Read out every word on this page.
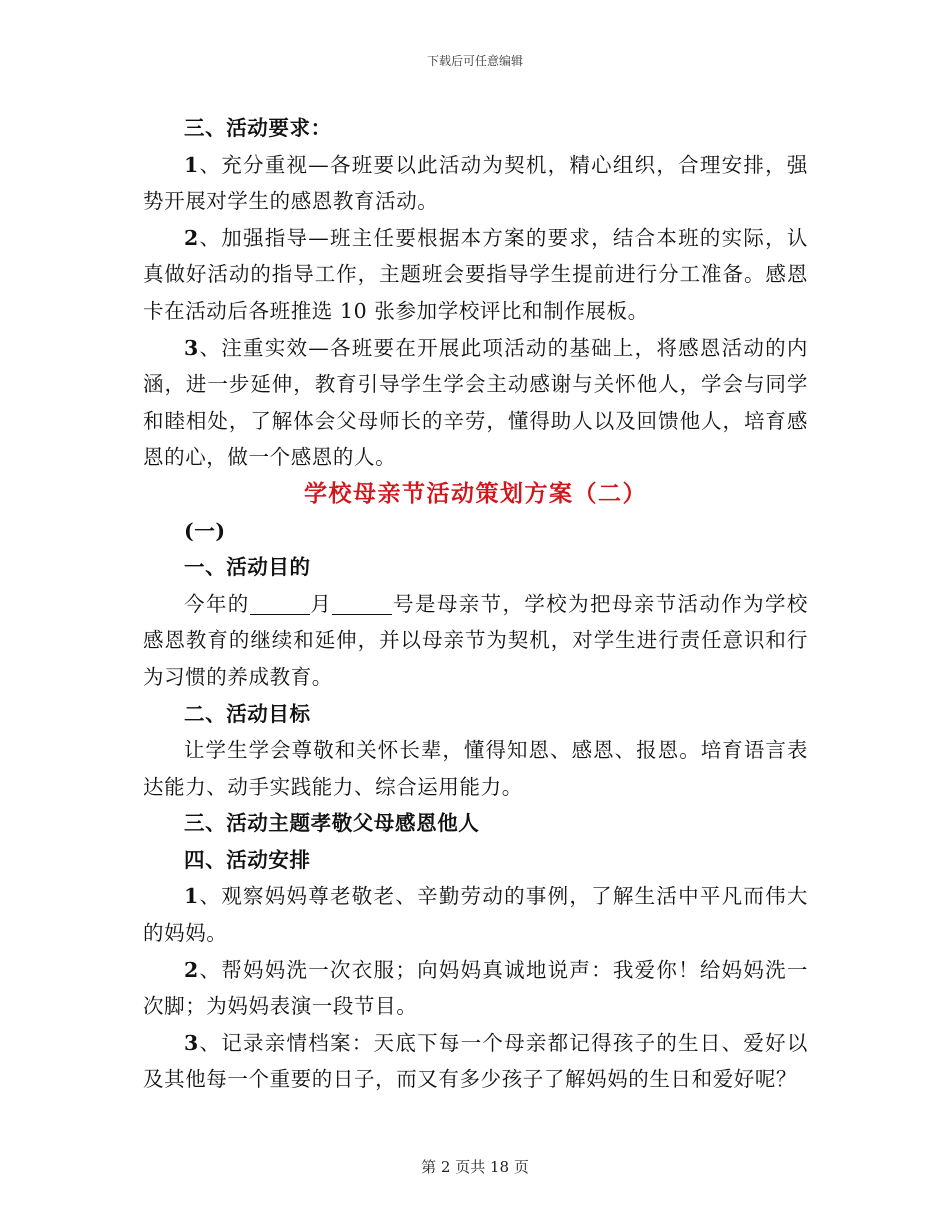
下载后可任意编辑

三、活动要求：

1、充分重视—各班要以此活动为契机，精心组织，合理安排，强势开展对学生的感恩教育活动。

2、加强指导—班主任要根据本方案的要求，结合本班的实际，认真做好活动的指导工作，主题班会要指导学生提前进行分工准备。感恩卡在活动后各班推选 10 张参加学校评比和制作展板。

3、注重实效—各班要在开展此项活动的基础上，将感恩活动的内涵，进一步延伸，教育引导学生学会主动感谢与关怀他人，学会与同学和睦相处，了解体会父母师长的辛劳，懂得助人以及回馈他人，培育感恩的心，做一个感恩的人。

学校母亲节活动策划方案（二）

(一)

一、活动目的

今年的	月	号是母亲节，学校为把母亲节活动作为学校感恩教育的继续和延伸，并以母亲节为契机，对学生进行责任意识和行为习惯的养成教育。

二、活动目标

让学生学会尊敬和关怀长辈，懂得知恩、感恩、报恩。培育语言表达能力、动手实践能力、综合运用能力。

三、活动主题孝敬父母感恩他人

四、活动安排

1、观察妈妈尊老敬老、辛勤劳动的事例，了解生活中平凡而伟大的妈妈。

2、帮妈妈洗一次衣服；向妈妈真诚地说声：我爱你！给妈妈洗一次脚；为妈妈表演一段节目。

3、记录亲情档案：天底下每一个母亲都记得孩子的生日、爱好以及其他每一个重要的日子，而又有多少孩子了解妈妈的生日和爱好呢？

第 2 页共 18 页
